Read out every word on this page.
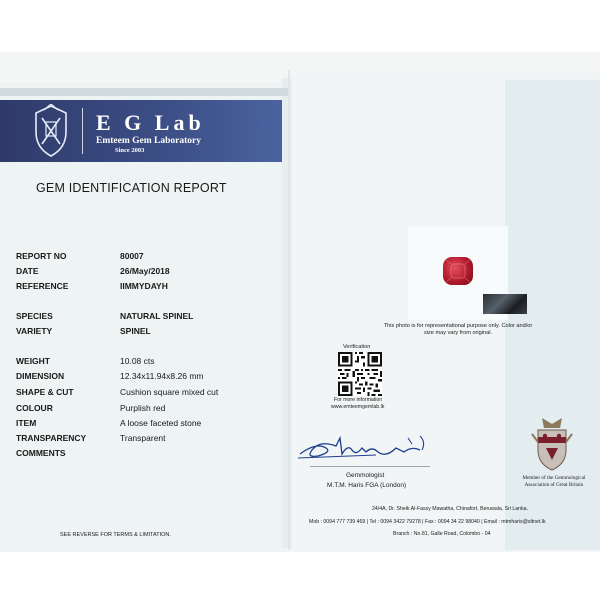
E G Lab
Emteem Gem Laboratory
Since 2003
GEM IDENTIFICATION REPORT
REPORT NO	80007
DATE	26/May/2018
REFERENCE	IIMMYDAYH
SPECIES	NATURAL SPINEL
VARIETY	SPINEL
WEIGHT	10.08 cts
DIMENSION	12.34x11.94x8.26 mm
SHAPE & CUT	Cushion square mixed cut
COLOUR	Purplish red
ITEM	A loose faceted stone
TRANSPARENCY	Transparent
COMMENTS
SEE REVERSE FOR TERMS & LIMITATION.
This photo is for representational purpose only. Color and/or
size may vary from original.
Verification
For more information
www.emteemgemlab.lk
Gemmologist
M.T.M. Haris FGA (London)
Member of the Gemmological
Association of Great Britain
24/4A, Dr. Sheik Al-Fassy Mawatha, Chinafort, Beruwala, Sri Lanka.
Mob : 0094 777 739 469 | Tel : 0094 3422 79278 | Fax : 0094 34 22 98040 | Email : mtmharis@sltnet.lk
Branch : No.81, Galle Road, Colombo - 04
